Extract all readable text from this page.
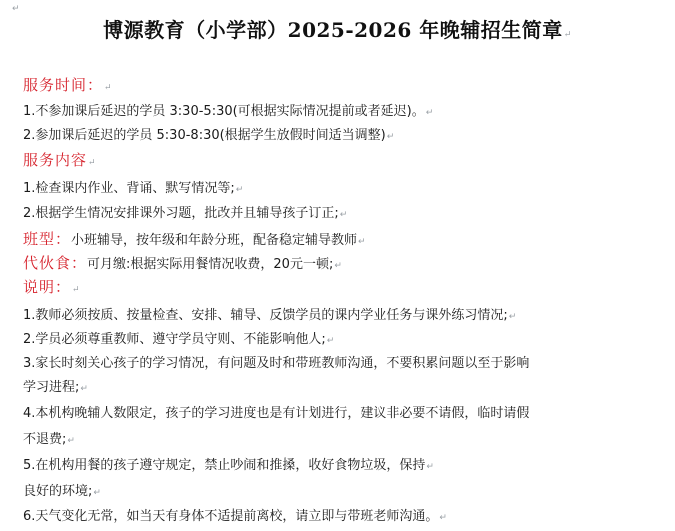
↵
博源教育（小学部）2025-2026 年晚辅招生简章↵
服务时间：↵
1.不参加课后延迟的学员 3:30-5:30(可根据实际情况提前或者延迟)。↵
2.参加课后延迟的学员 5:30-8:30(根据学生放假时间适当调整)↵
服务内容↵
1.检查课内作业、背诵、默写情况等;↵
2.根据学生情况安排课外习题，批改并且辅导孩子订正;↵
班型：小班辅导，按年级和年龄分班，配备稳定辅导教师↵
代伙食：可月缴:根据实际用餐情况收费，20元一顿;↵
说明：↵
1.教师必须按质、按量检查、安排、辅导、反馈学员的课内学业任务与课外练习情况;↵
2.学员必须尊重教师、遵守学员守则、不能影响他人;↵
3.家长时刻关心孩子的学习情况，有问题及时和带班教师沟通，不要积累问题以至于影响
学习进程;↵
4.本机构晚辅人数限定，孩子的学习进度也是有计划进行，建议非必要不请假，临时请假
不退费;↵
5.在机构用餐的孩子遵守规定，禁止吵闹和推搡，收好食物垃圾，保持↵
良好的环境;↵
6.天气变化无常，如当天有身体不适提前离校，请立即与带班老师沟通。↵
